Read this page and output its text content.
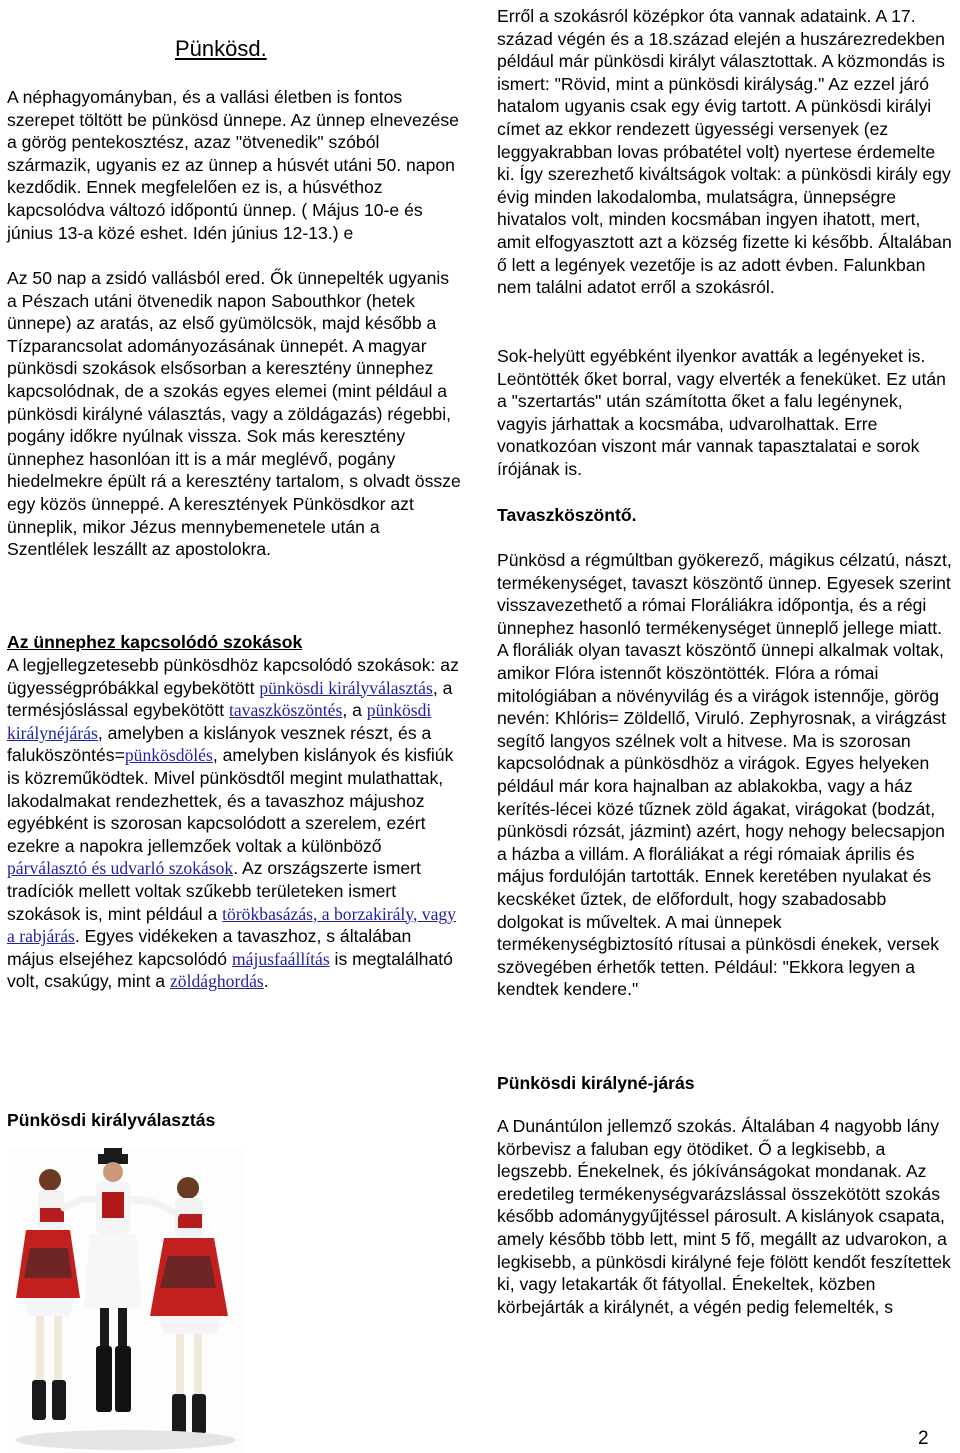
Pünkösd.

A néphagyományban, és a vallási életben is fontos szerepet töltött be pünkösd ünnepe. Az ünnep elnevezése a görög pentekosztész, azaz "ötvenedik" szóból származik, ugyanis ez az ünnep a húsvét utáni 50. napon kezdődik. Ennek megfelelően ez is, a húsvéthoz kapcsolódva változó időpontú ünnep. ( Május 10-e és június 13-a közé eshet. Idén június 12-13.) e

Az 50 nap a zsidó vallásból ered. Ők ünnepelték ugyanis a Pészach utáni ötvenedik napon Sabouthkor (hetek ünnepe) az aratás, az első gyümölcsök, majd később a Tízparancsolat adományozásának ünnepét. A magyar pünkösdi szokások elsősorban a keresztény ünnephez kapcsolódnak, de a szokás egyes elemei (mint például a pünkösdi királyné választás, vagy a zöldágazás) régebbi, pogány időkre nyúlnak vissza. Sok más keresztény ünnephez hasonlóan itt is a már meglévő, pogány hiedelmekre épült rá a keresztény tartalom, s olvadt össze egy közös ünneppé. A keresztények Pünkösdkor azt ünneplik, mikor Jézus mennybemenetele után a Szentlélek leszállt az apostolokra.

Az ünnephez kapcsolódó szokások

A legjellegzetesebb pünkösdhöz kapcsolódó szokások: az ügyességpróbákkal egybekötött pünkösdi királyválasztás, a termésjóslással egybekötött tavaszköszöntés, a pünkösdi királynéjárás, amelyben a kislányok vesznek részt, és a faluköszöntés=pünkösdölés, amelyben kislányok és kisfiúk is közreműködtek. Mivel pünkösdtől megint mulathattak, lakodalmakat rendezhettek, és a tavaszhoz májushoz egyébként is szorosan kapcsolódott a szerelem, ezért ezekre a napokra jellemzőek voltak a különböző párválasztó és udvarló szokások. Az országszerte ismert tradíciók mellett voltak szűkebb területeken ismert szokások is, mint például a törökbasázás, a borzakirály, vagy a rabjárás. Egyes vidékeken a tavaszhoz, s általában május elsejéhez kapcsolódó májusfaállítás is megtalálható volt, csakúgy, mint a zöldághordás.

Pünkösdi királyválasztás

Erről a szokásról középkor óta vannak adataink. A 17. század végén és a 18.század elején a huszárezredekben például már pünkösdi királyt választottak. A közmondás is ismert: "Rövid, mint a pünkösdi királyság." Az ezzel járó hatalom ugyanis csak egy évig tartott. A pünkösdi királyi címet az ekkor rendezett ügyességi versenyek (ez leggyakrabban lovas próbatétel volt) nyertese érdemelte ki. Így szerezhető kiváltságok voltak: a pünkösdi király egy évig minden lakodalomba, mulatságra, ünnepségre hivatalos volt, minden kocsmában ingyen ihatott, mert, amit elfogyasztott azt a község fizette ki később. Általában ő lett a legények vezetője is az adott évben. Falunkban nem találni adatot erről a szokásról.

Sok-helyütt egyébként ilyenkor avatták a legényeket is. Leöntötték őket borral, vagy elverték a feneküket. Ez után a "szertartás" után számította őket a falu legénynek, vagyis járhattak a kocsmába, udvarolhattak. Erre vonatkozóan viszont már vannak tapasztalatai e sorok írójának is.

Tavaszköszöntő.

Pünkösd a régmúltban gyökerező, mágikus célzatú, nászt, termékenységet, tavaszt köszöntő ünnep. Egyesek szerint visszavezethető a római Floráliákra időpontja, és a régi ünnephez hasonló termékenységet ünneplő jellege miatt. A floráliák olyan tavaszt köszöntő ünnepi alkalmak voltak, amikor Flóra istennőt köszöntötték. Flóra a római mitológiában a növényvilág és a virágok istennője, görög nevén: Khlóris= Zöldellő, Viruló. Zephyrosnak, a virágzást segítő langyos szélnek volt a hitvese. Ma is szorosan kapcsolódnak a pünkösdhöz a virágok. Egyes helyeken például már kora hajnalban az ablakokba, vagy a ház kerítés-lécei közé tűznek zöld ágakat, virágokat (bodzát, pünkösdi rózsát, jázmint) azért, hogy nehogy belecsapjon a házba a villám. A floráliákat a régi rómaiak április és május fordulóján tartották. Ennek keretében nyulakat és kecskéket űztek, de előfordult, hogy szabadosabb dolgokat is műveltek. A mai ünnepek termékenységbiztosító rítusai a pünkösdi énekek, versek szövegében érhetők tetten. Például: "Ekkora legyen a kendtek kendere."

Pünkösdi királyné-járás

A Dunántúlon jellemző szokás. Általában 4 nagyobb lány körbevisz a faluban egy ötödiket. Ő a legkisebb, a legszebb. Énekelnek, és jókívánságokat mondanak. Az eredetileg termékenységvarázslással összekötött szokás később adománygyűjtéssel párosult. A kislányok csapata, amely később több lett, mint 5 fő, megállt az udvarokon, a legkisebb, a pünkösdi királyné feje fölött kendőt feszítettek ki, vagy letakarták őt fátyollal. Énekeltek, közben körbejárták a királynét, a végén pedig felemelték, s

2
